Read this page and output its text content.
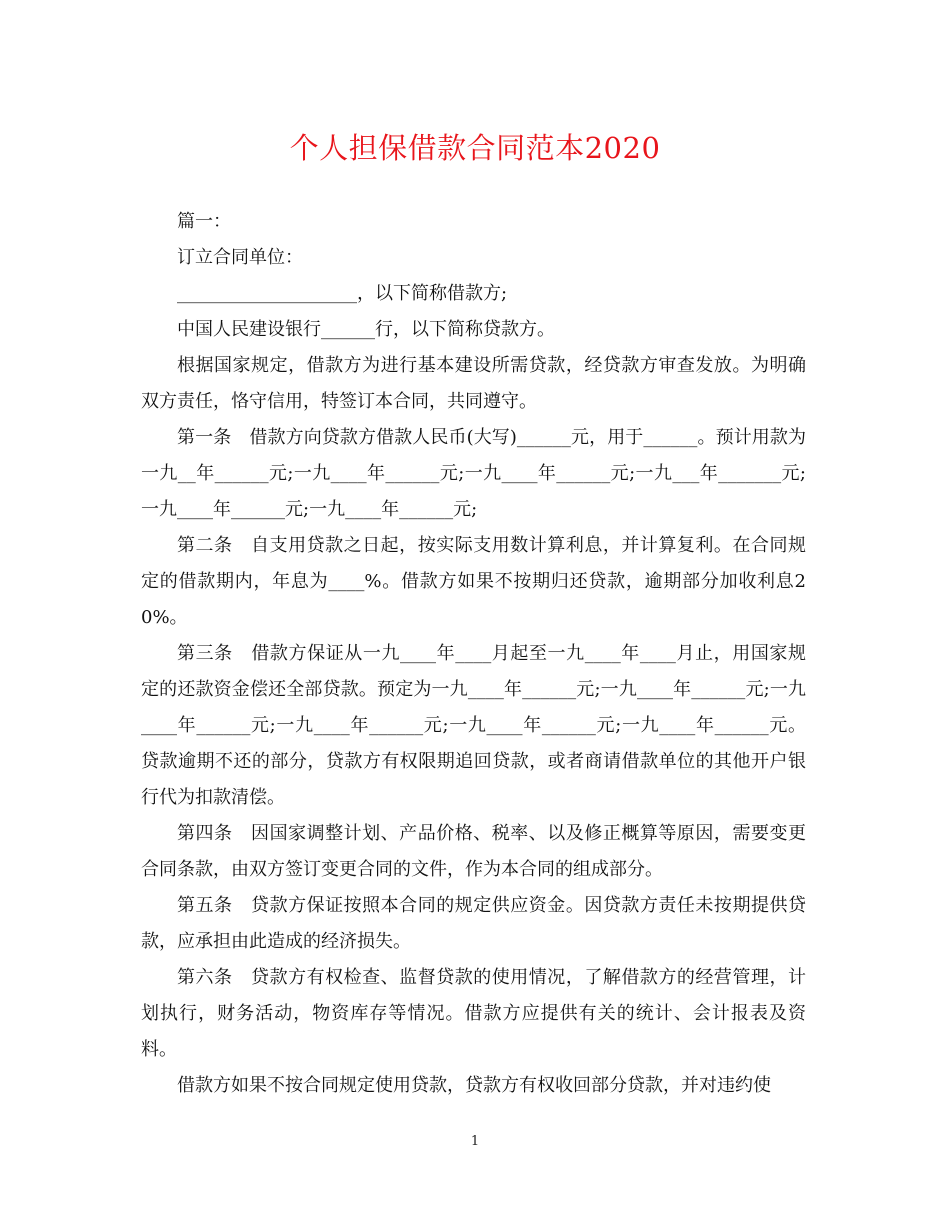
个人担保借款合同范本2020

篇一：

订立合同单位：

____________________，以下简称借款方;

中国人民建设银行______行，以下简称贷款方。

根据国家规定，借款方为进行基本建设所需贷款，经贷款方审查发放。为明确双方责任，恪守信用，特签订本合同，共同遵守。

第一条　借款方向贷款方借款人民币(大写)______元，用于______。预计用款为一九__年______元;一九____年______元;一九____年______元;一九___年_______元;一九____年______元;一九____年______元;

第二条　自支用贷款之日起，按实际支用数计算利息，并计算复利。在合同规定的借款期内，年息为____%。借款方如果不按期归还贷款，逾期部分加收利息20%。

第三条　借款方保证从一九____年____月起至一九____年____月止，用国家规定的还款资金偿还全部贷款。预定为一九____年______元;一九____年______元;一九____年______元;一九____年______元;一九____年______元;一九____年______元。贷款逾期不还的部分，贷款方有权限期追回贷款，或者商请借款单位的其他开户银行代为扣款清偿。

第四条　因国家调整计划、产品价格、税率、以及修正概算等原因，需要变更合同条款，由双方签订变更合同的文件，作为本合同的组成部分。

第五条　贷款方保证按照本合同的规定供应资金。因贷款方责任未按期提供贷款，应承担由此造成的经济损失。

第六条　贷款方有权检查、监督贷款的使用情况，了解借款方的经营管理，计划执行，财务活动，物资库存等情况。借款方应提供有关的统计、会计报表及资料。

借款方如果不按合同规定使用贷款，贷款方有权收回部分贷款，并对违约使

1
